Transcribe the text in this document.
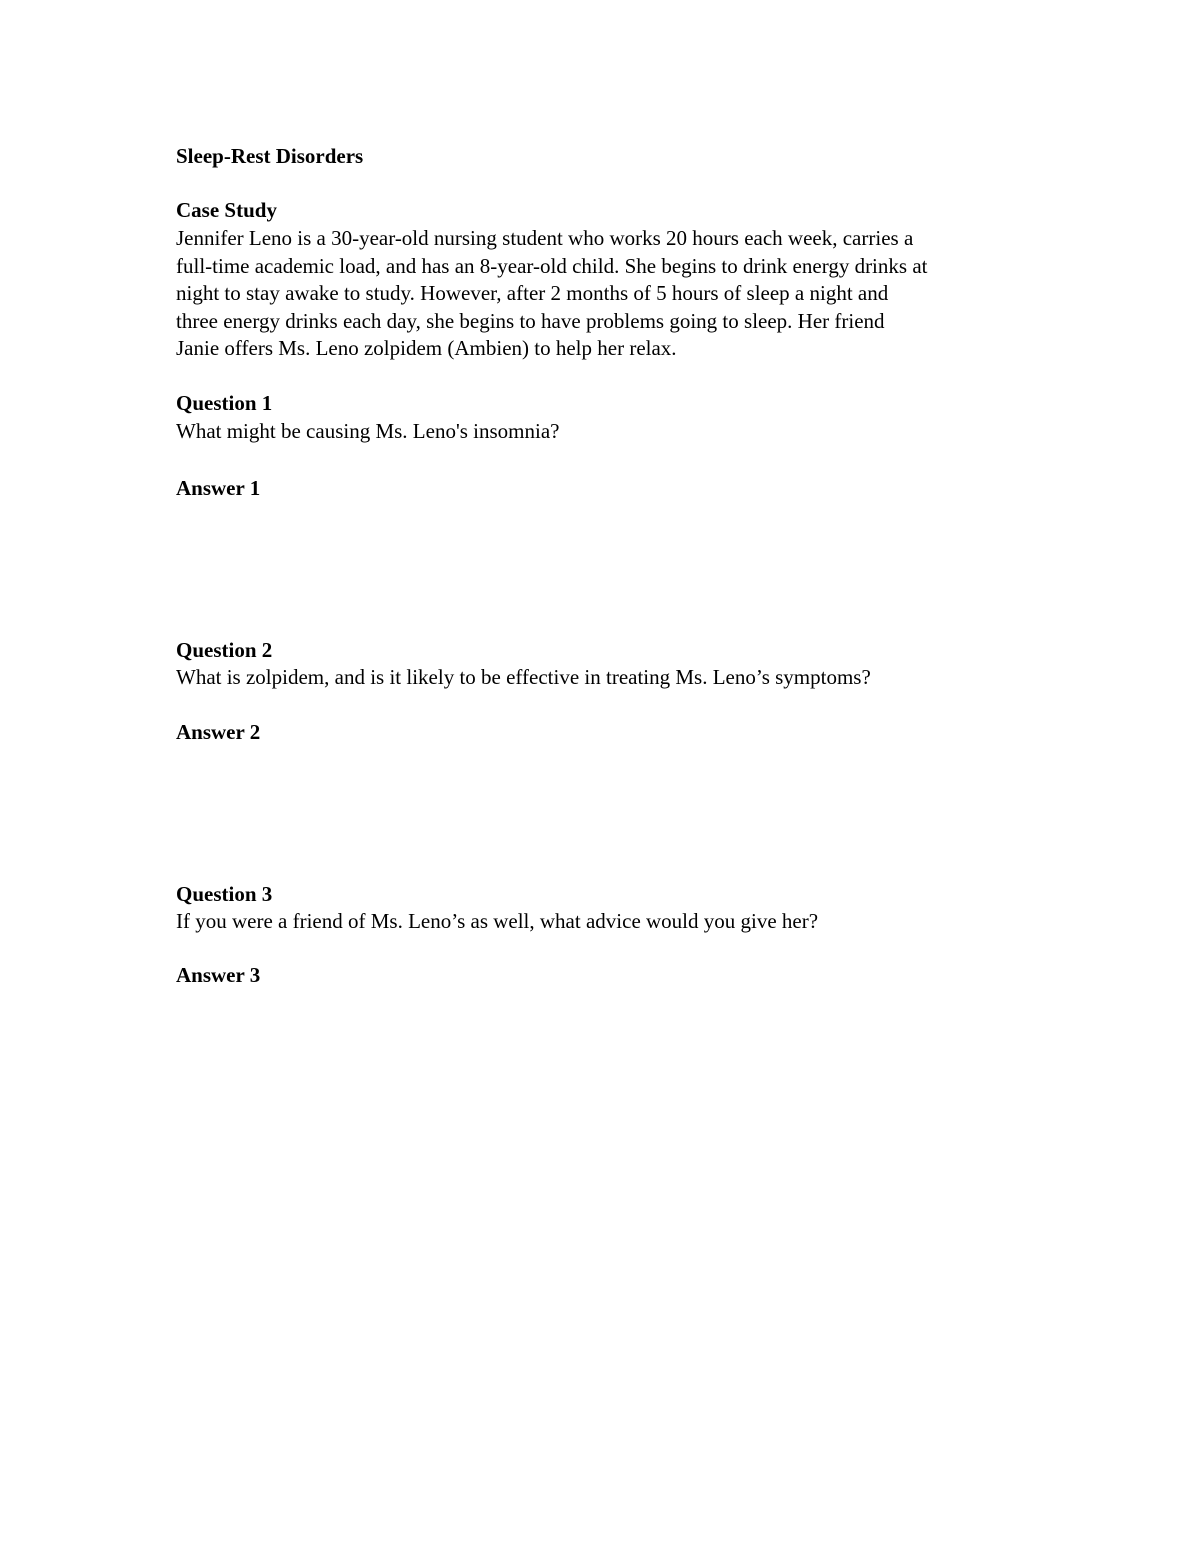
Sleep-Rest Disorders
Case Study
Jennifer Leno is a 30-year-old nursing student who works 20 hours each week, carries a
full-time academic load, and has an 8-year-old child. She begins to drink energy drinks at
night to stay awake to study. However, after 2 months of 5 hours of sleep a night and
three energy drinks each day, she begins to have problems going to sleep. Her friend
Janie offers Ms. Leno zolpidem (Ambien) to help her relax.
Question 1
What might be causing Ms. Leno's insomnia?
Answer 1
Question 2
What is zolpidem, and is it likely to be effective in treating Ms. Leno’s symptoms?
Answer 2
Question 3
If you were a friend of Ms. Leno’s as well, what advice would you give her?
Answer 3
